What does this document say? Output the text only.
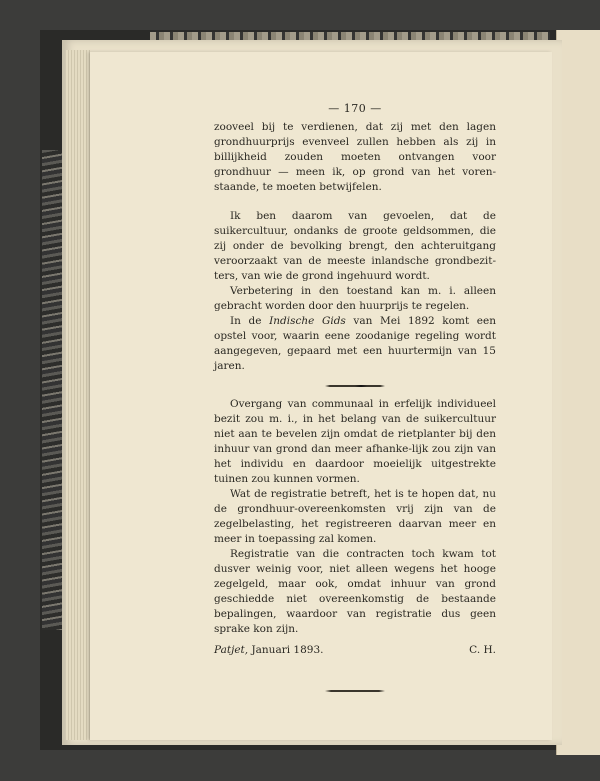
— 170 —

zooveel bij te verdienen, dat zij met den lagen grondhuurprijs evenveel zullen hebben als zij in billijkheid zouden moeten ontvangen voor grondhuur — meen ik, op grond van het voren-staande, te moeten betwijfelen.

Ik ben daarom van gevoelen, dat de suikercultuur, ondanks de groote geldsommen, die zij onder de bevolking brengt, den achteruitgang veroorzaakt van de meeste inlandsche grondbezit-ters, van wie de grond ingehuurd wordt.

Verbetering in den toestand kan m. i. alleen gebracht worden door den huurprijs te regelen.

In de Indische Gids van Mei 1892 komt een opstel voor, waarin eene zoodanige regeling wordt aangegeven, gepaard met een huurtermijn van 15 jaren.

Overgang van communaal in erfelijk individueel bezit zou m. i., in het belang van de suikercultuur niet aan te bevelen zijn omdat de rietplanter bij den inhuur van grond dan meer afhanke-lijk zou zijn van het individu en daardoor moeielijk uitgestrekte tuinen zou kunnen vormen.

Wat de registratie betreft, het is te hopen dat, nu de grondhuur-overeenkomsten vrij zijn van de zegelbelasting, het registreeren daarvan meer en meer in toepassing zal komen.

Registratie van die contracten toch kwam tot dusver weinig voor, niet alleen wegens het hooge zegelgeld, maar ook, omdat inhuur van grond geschiedde niet overeenkomstig de bestaande bepalingen, waardoor van registratie dus geen sprake kon zijn.

Patjet, Januari 1893.	C. H.
